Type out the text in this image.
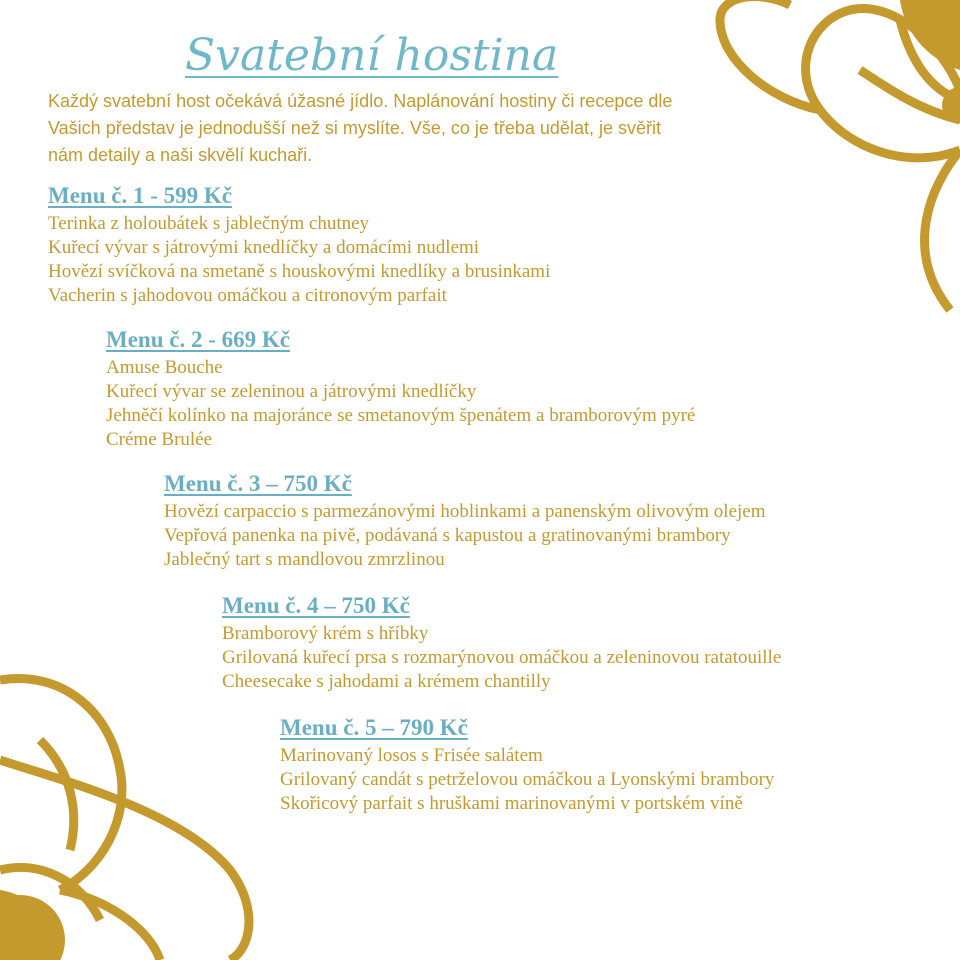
Svatební hostina

Každý svatební host očekává úžasné jídlo. Naplánování hostiny či recepce dle Vašich představ je jednodušší než si myslíte. Vše, co je třeba udělat, je svěřit nám detaily a naši skvělí kuchaři.

Menu č. 1 - 599 Kč
Terinka z holoubátek s jablečným chutney
Kuřecí vývar s játrovými knedlíčky a domácími nudlemi
Hovězí svíčková na smetaně s houskovými knedlíky a brusinkami
Vacherin s jahodovou omáčkou a citronovým parfait
Menu č. 2 - 669 Kč
Amuse Bouche
Kuřecí vývar se zeleninou a játrovými knedlíčky
Jehněčí kolínko na majoránce se smetanovým špenátem a bramborovým pyré
Créme Brulée
Menu č. 3 – 750 Kč
Hovězí carpaccio s parmezánovými hoblinkami a panenským olivovým olejem
Vepřová panenka na pivě, podávaná s kapustou a gratinovanými brambory
Jablečný tart s mandlovou zmrzlinou
Menu č. 4 – 750 Kč
Bramborový krém s hříbky
Grilovaná kuřecí prsa s rozmarýnovou omáčkou a zeleninovou ratatouille
Cheesecake s jahodami a krémem chantilly
Menu č. 5 – 790 Kč
Marinovaný losos s Frisée salátem
Grilovaný candát s petrželovou omáčkou a Lyonskými brambory
Skořicový parfait s hruškami marinovanými v portském víně
